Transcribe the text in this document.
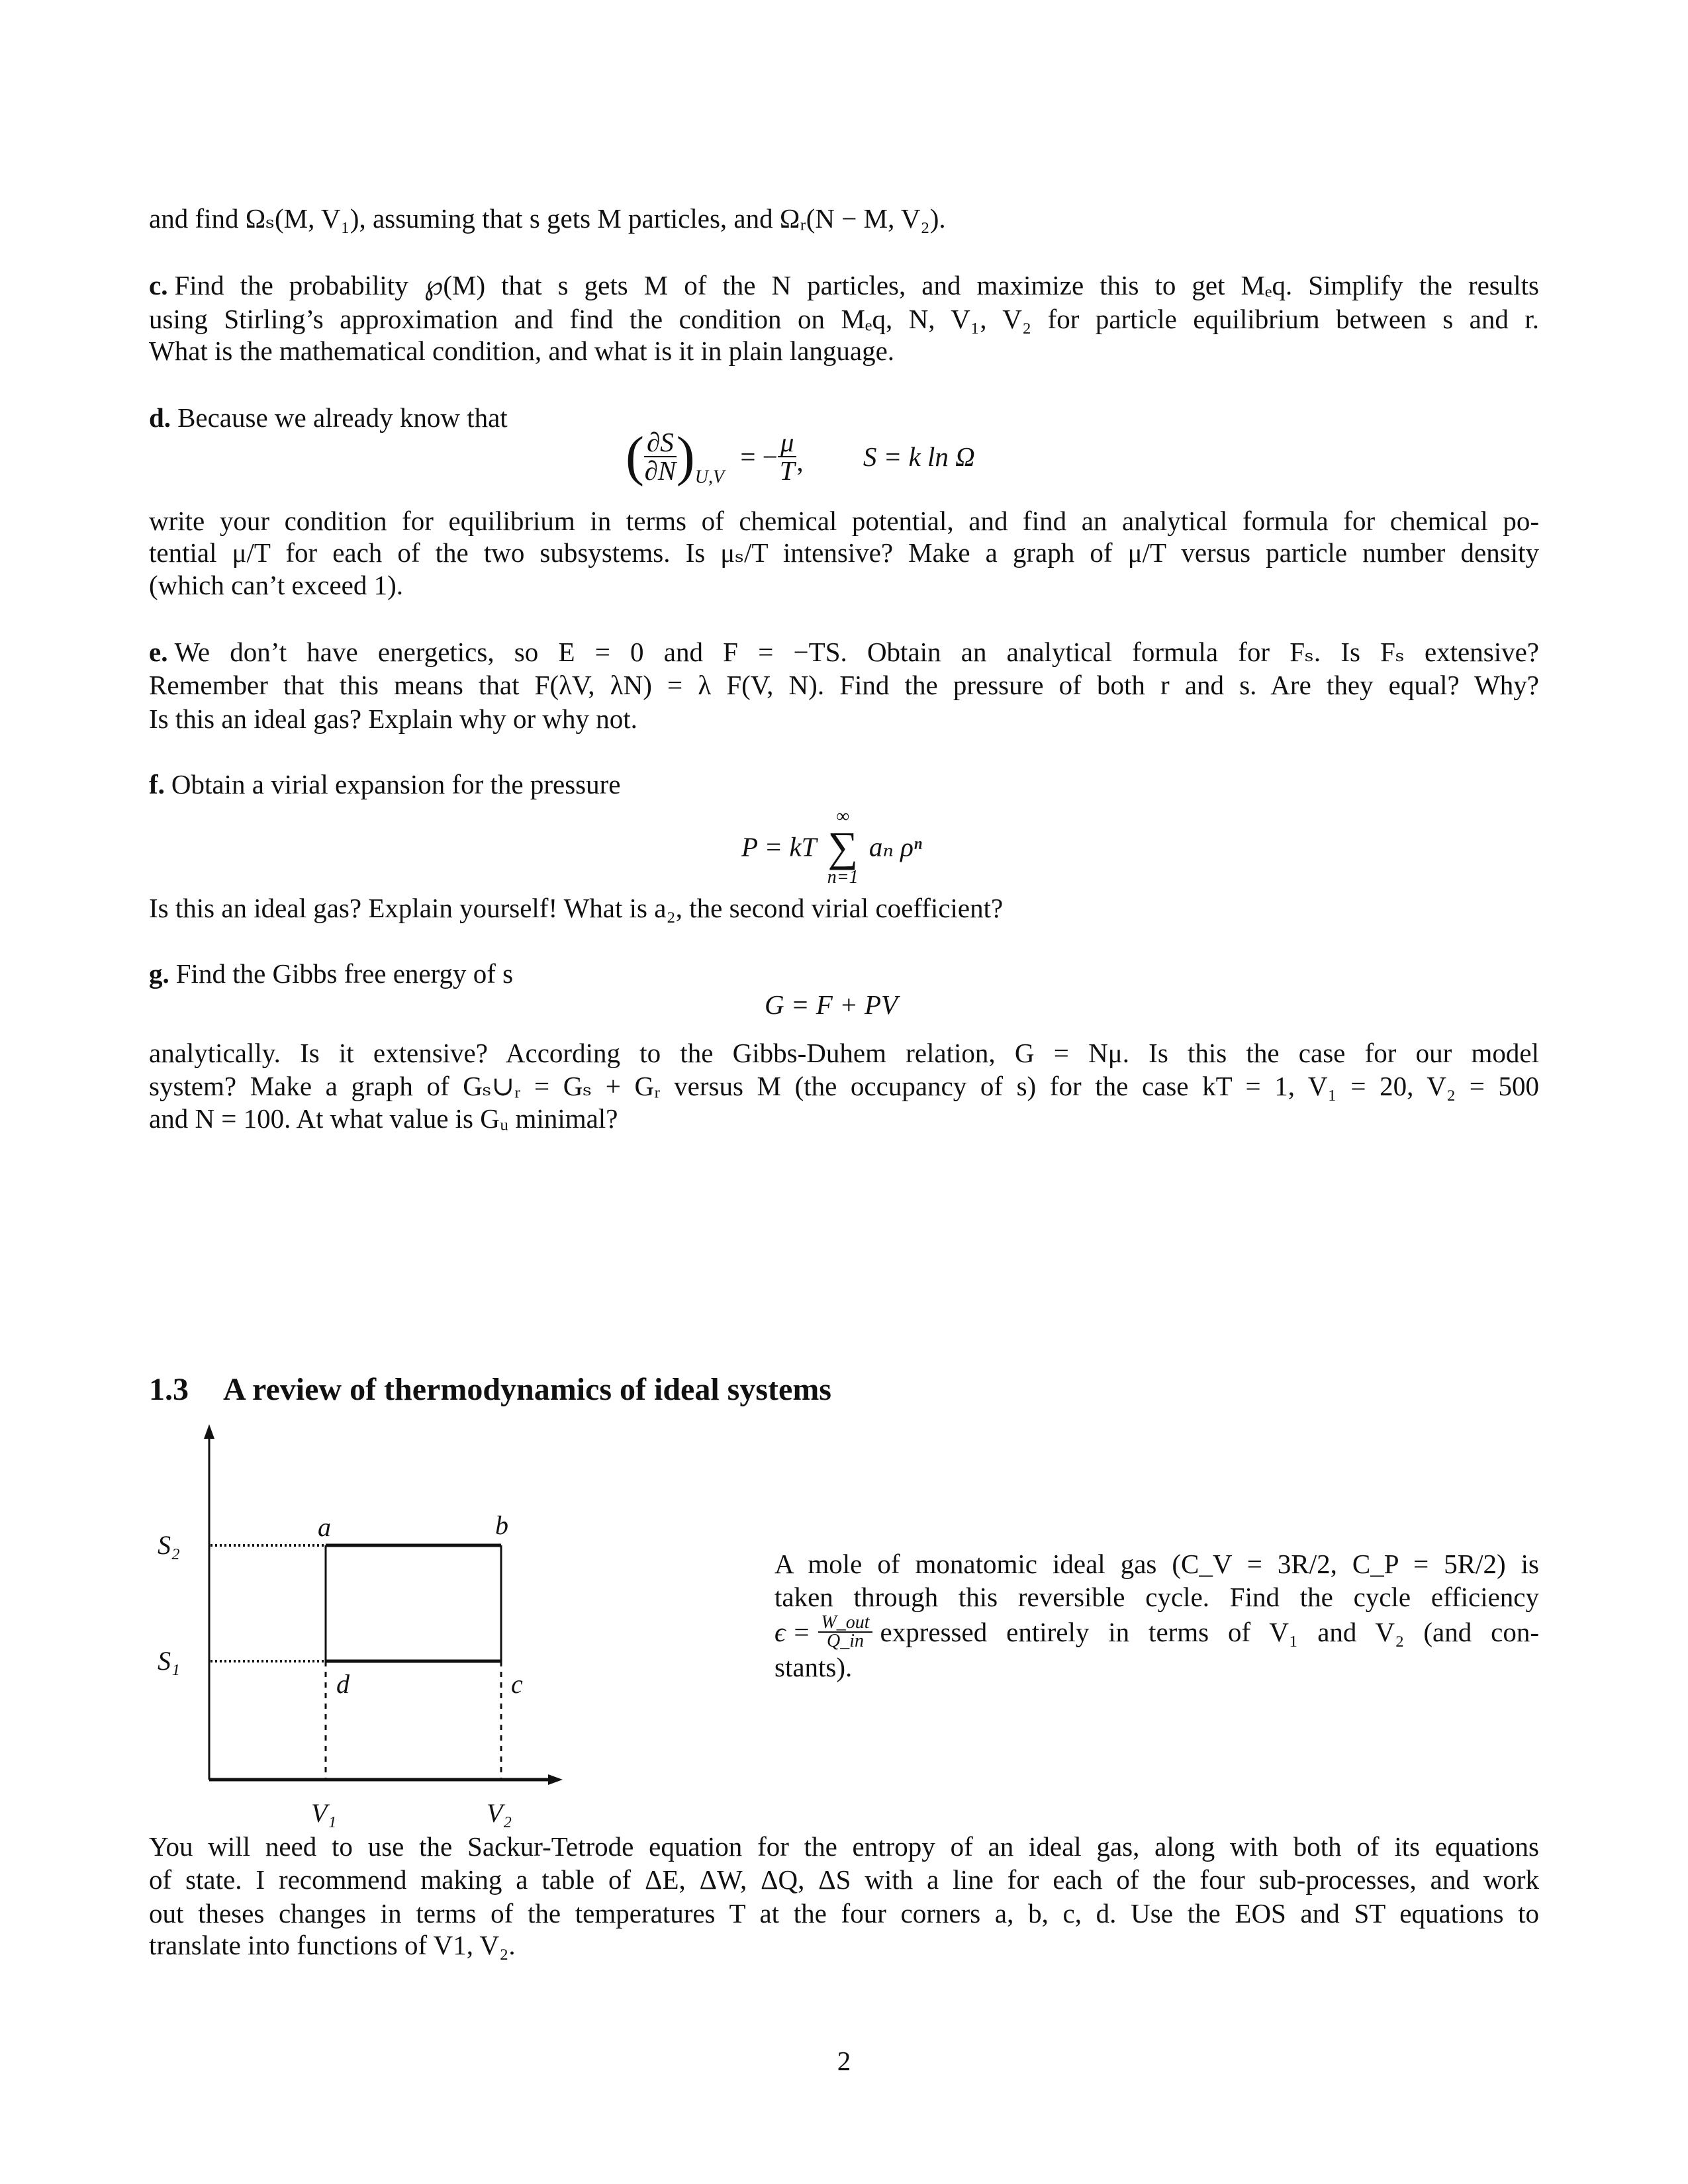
and find Ωₛ(M, V₁), assuming that s gets M particles, and Ωᵣ(N − M, V₂).
c. Find the probability ℘(M) that s gets M of the N particles, and maximize this to get Mₑq. Simplify the results
using Stirling’s approximation and find the condition on Mₑq, N, V₁, V₂ for particle equilibrium between s and r.
What is the mathematical condition, and what is it in plain language.
d. Because we already know that
( $\frac{\partial S}{\partial N} )_{U,V}$ = − $\frac{\mu}{T}$ , S = k ln Ω
write your condition for equilibrium in terms of chemical potential, and find an analytical formula for chemical po-
tential μ/T for each of the two subsystems. Is μₛ/T intensive? Make a graph of μ/T versus particle number density
(which can’t exceed 1).
e. We don’t have energetics, so E = 0 and F = −TS. Obtain an analytical formula for Fₛ. Is Fₛ extensive?
Remember that this means that F(λV, λN) = λ F(V, N). Find the pressure of both r and s. Are they equal? Why?
Is this an ideal gas? Explain why or why not.
f. Obtain a virial expansion for the pressure
P = kT
∞
∑
n=1
aₙ ρⁿ
Is this an ideal gas? Explain yourself! What is a₂, the second virial coefficient?
g. Find the Gibbs free energy of s
G = F + PV
analytically. Is it extensive? According to the Gibbs-Duhem relation, G = Nμ. Is this the case for our model
system? Make a graph of Gₛ∪ᵣ = Gₛ + Gᵣ versus M (the occupancy of s) for the case kT = 1, V₁ = 20, V₂ = 500
and N = 100. At what value is Gᵤ minimal?
1.3 A review of thermodynamics of ideal systems
S₂
S₁
a	b
c
d
V₁	V₂
A mole of monatomic ideal gas (C_V = 3R/2, C_P = 5R/2) is
taken through this reversible cycle. Find the cycle efficiency
$\epsilon = \frac{\text{W\_out}}{Q\_in}$ expressed entirely in terms of V₁ and V₂ (and con-
stants).
You will need to use the Sackur-Tetrode equation for the entropy of an ideal gas, along with both of its equations
of state. I recommend making a table of ΔE, ΔW, ΔQ, ΔS with a line for each of the four sub-processes, and work
out theses changes in terms of the temperatures T at the four corners a, b, c, d. Use the EOS and ST equations to
translate into functions of V1, V₂.
2
